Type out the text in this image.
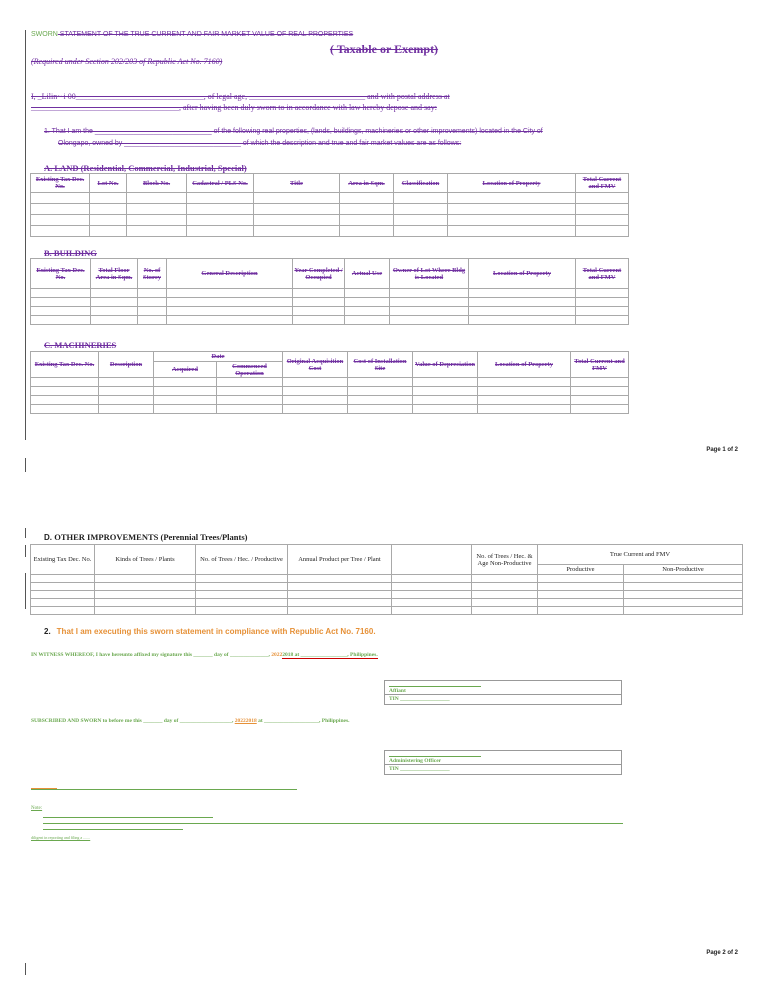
SWORN STATEMENT OF THE TRUE CURRENT AND FAIR MARKET VALUE OF REAL PROPERTIES
( Taxable or Exempt)
(Required under Section 202/203 of Republic Act No. 7160)
I, _Lilin~ i 00________________________________, of legal age, _____________________________ and with postal address at
_____________________________________, after having been duly sworn to in accordance with law hereby depose and say:
1. That I am the ______________________________ of the following real properties, (lands, buildings, machineries or other improvements) located in the City of
Olongapo, owned by ______________________________ of which the description and true and fair market values are as follows:
A. LAND (Residential, Commercial, Industrial, Special)
Existing Tax Dec. No.	Lot No.	Block No.	Cadastral / PLS No.	Title	Area in Sqm.	Classification	Location of Property	Total Current and FMV

B. BUILDING
Existing Tax Dec. No.	Total Floor Area in Sqm.	No. of Storey	General Description	Year Completed / Occupied	Actual Use	Owner of Lot Where Bldg is Located	Location of Property	Total Current and FMV

C. MACHINERIES
Existing Tax Dec. No.	Description	Date		Original Acquisition Cost	Cost of Installation Site	Value of Depreciation	Location of Property	Total Current and FMV
		Acquired	Commenced Operation					

Page 1 of 2
D. OTHER IMPROVEMENTS (Perennial Trees/Plants)
Existing Tax Dec. No.	Kinds of Trees / Plants	No. of Trees / Hec. / Productive	Annual Product per Tree / Plant		No. of Trees / Hec. & Age Non-Productive	True Current and FMV	
						Productive	Non-Productive

2. That I am executing this sworn statement in compliance with Republic Act No. 7160.
IN WITNESS WHEREOF, I have hereunto affixed my signature this _______ day of ______________, 20222018 at _________________, Philippines.
Affiant
TIN __________________
SUBSCRIBED AND SWORN to before me this _______ day of ___________________, 20222018 at ____________________, Philippines.
Administering Officer
TIN __________________
Note:
diligent in reporting and filing a .......
Page 2 of 2
